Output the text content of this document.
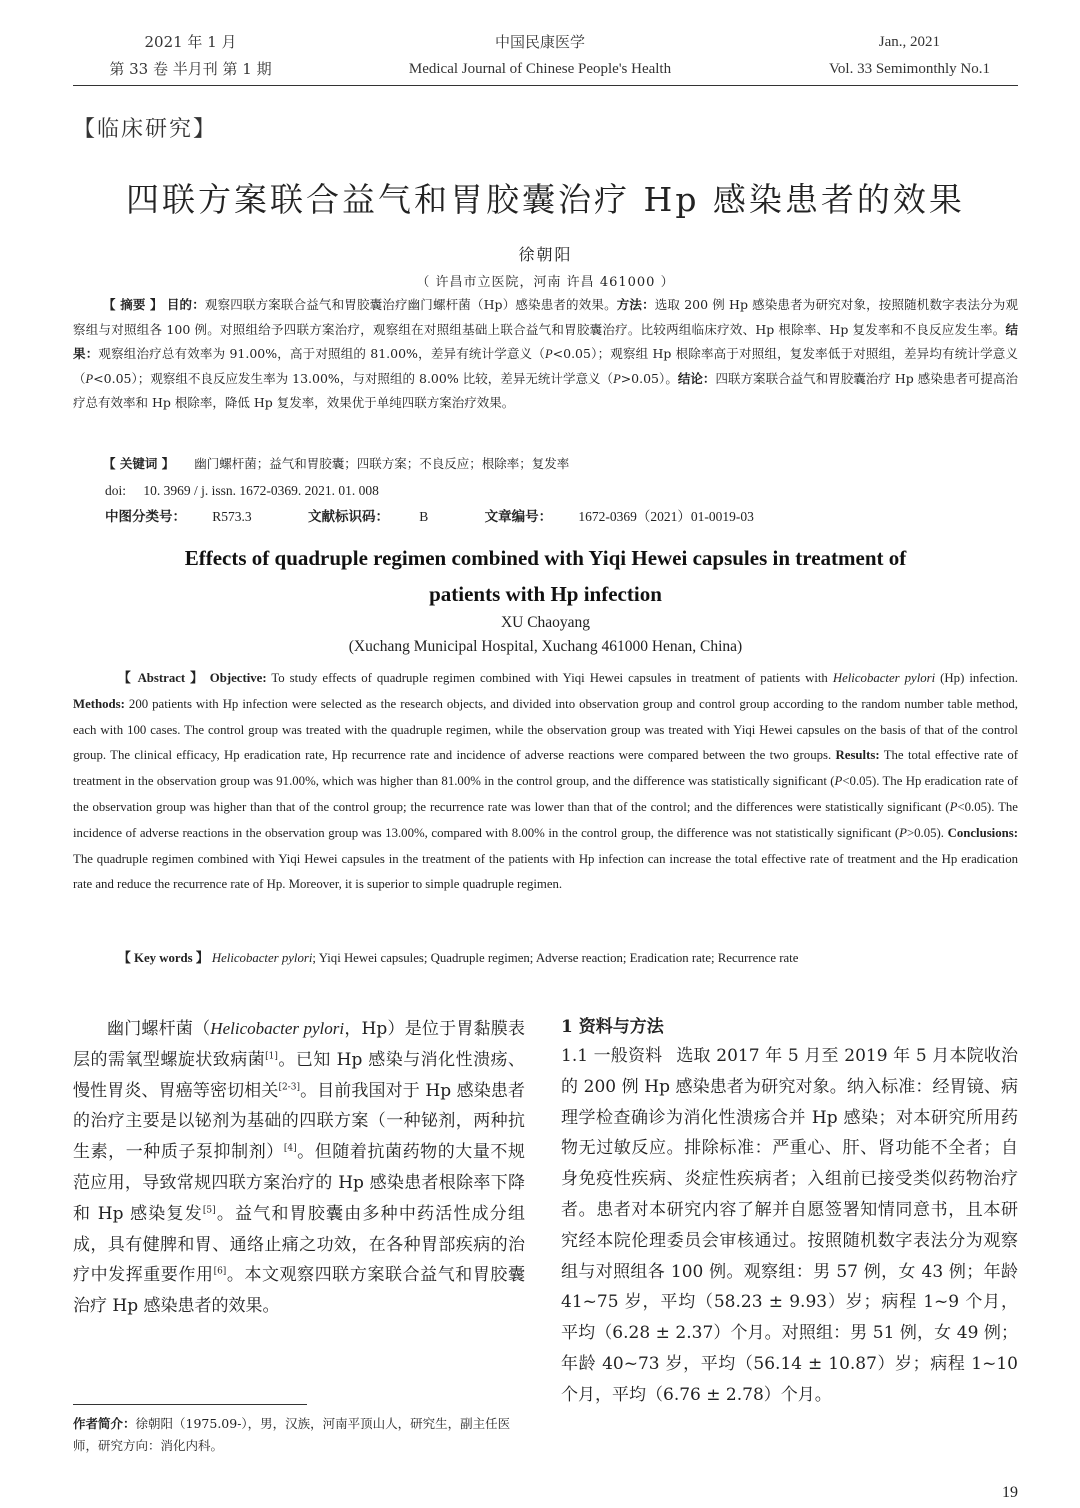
2021 年 1 月
第 33 卷 半月刊 第 1 期
中国民康医学
Medical Journal of Chinese People's Health
Jan., 2021
Vol. 33 Semimonthly No.1
【临床研究】
四联方案联合益气和胃胶囊治疗 Hp 感染患者的效果
徐朝阳
（ 许昌市立医院，河南 许昌 461000 ）
【 摘要 】 目的：观察四联方案联合益气和胃胶囊治疗幽门螺杆菌（Hp）感染患者的效果。方法：选取 200 例 Hp 感染患者为研究对象，按照随机数字表法分为观察组与对照组各 100 例。对照组给予四联方案治疗，观察组在对照组基础上联合益气和胃胶囊治疗。比较两组临床疗效、Hp 根除率、Hp 复发率和不良反应发生率。结果：观察组治疗总有效率为 91.00%，高于对照组的 81.00%，差异有统计学意义（P<0.05）；观察组 Hp 根除率高于对照组，复发率低于对照组，差异均有统计学意义（P<0.05）；观察组不良反应发生率为 13.00%，与对照组的 8.00% 比较，差异无统计学意义（P>0.05）。结论：四联方案联合益气和胃胶囊治疗 Hp 感染患者可提高治疗总有效率和 Hp 根除率，降低 Hp 复发率，效果优于单纯四联方案治疗效果。
【 关键词 】 幽门螺杆菌；益气和胃胶囊；四联方案；不良反应；根除率；复发率
doi: 10. 3969 / j. issn. 1672-0369. 2021. 01. 008
中图分类号： R573.3	文献标识码： B	文章编号： 1672-0369（2021）01-0019-03
Effects of quadruple regimen combined with Yiqi Hewei capsules in treatment of
patients with Hp infection
XU Chaoyang
(Xuchang Municipal Hospital, Xuchang 461000 Henan, China)
【 Abstract 】 Objective: To study effects of quadruple regimen combined with Yiqi Hewei capsules in treatment of patients with Helicobacter pylori (Hp) infection. Methods: 200 patients with Hp infection were selected as the research objects, and divided into observation group and control group according to the random number table method, each with 100 cases. The control group was treated with the quadruple regimen, while the observation group was treated with Yiqi Hewei capsules on the basis of that of the control group. The clinical efficacy, Hp eradication rate, Hp recurrence rate and incidence of adverse reactions were compared between the two groups. Results: The total effective rate of treatment in the observation group was 91.00%, which was higher than 81.00% in the control group, and the difference was statistically significant (P<0.05). The Hp eradication rate of the observation group was higher than that of the control group; the recurrence rate was lower than that of the control; and the differences were statistically significant (P<0.05). The incidence of adverse reactions in the observation group was 13.00%, compared with 8.00% in the control group, the difference was not statistically significant (P>0.05). Conclusions: The quadruple regimen combined with Yiqi Hewei capsules in the treatment of the patients with Hp infection can increase the total effective rate of treatment and the Hp eradication rate and reduce the recurrence rate of Hp. Moreover, it is superior to simple quadruple regimen.
【 Key words 】 Helicobacter pylori; Yiqi Hewei capsules; Quadruple regimen; Adverse reaction; Eradication rate; Recurrence rate
幽门螺杆菌（Helicobacter pylori，Hp）是位于胃黏膜表层的需氧型螺旋状致病菌[1]。已知 Hp 感染与消化性溃疡、慢性胃炎、胃癌等密切相关[2-3]。目前我国对于 Hp 感染患者的治疗主要是以铋剂为基础的四联方案（一种铋剂，两种抗生素，一种质子泵抑制剂）[4]。但随着抗菌药物的大量不规范应用，导致常规四联方案治疗的 Hp 感染患者根除率下降和 Hp 感染复发[5]。益气和胃胶囊由多种中药活性成分组成，具有健脾和胃、通络止痛之功效，在各种胃部疾病的治疗中发挥重要作用[6]。本文观察四联方案联合益气和胃胶囊治疗 Hp 感染患者的效果。
1 资料与方法
1.1 一般资料 选取 2017 年 5 月至 2019 年 5 月本院收治的 200 例 Hp 感染患者为研究对象。纳入标准：经胃镜、病理学检查确诊为消化性溃疡合并 Hp 感染；对本研究所用药物无过敏反应。排除标准：严重心、肝、肾功能不全者；自身免疫性疾病、炎症性疾病者；入组前已接受类似药物治疗者。患者对本研究内容了解并自愿签署知情同意书，且本研究经本院伦理委员会审核通过。按照随机数字表法分为观察组与对照组各 100 例。观察组：男 57 例，女 43 例；年龄 41~75 岁，平均（58.23 ± 9.93）岁；病程 1~9 个月，平均（6.28 ± 2.37）个月。对照组：男 51 例，女 49 例；年龄 40~73 岁，平均（56.14 ± 10.87）岁；病程 1~10 个月，平均（6.76 ± 2.78）个月。
作者简介：徐朝阳（1975.09-），男，汉族，河南平顶山人，研究生，副主任医师，研究方向：消化内科。
19
